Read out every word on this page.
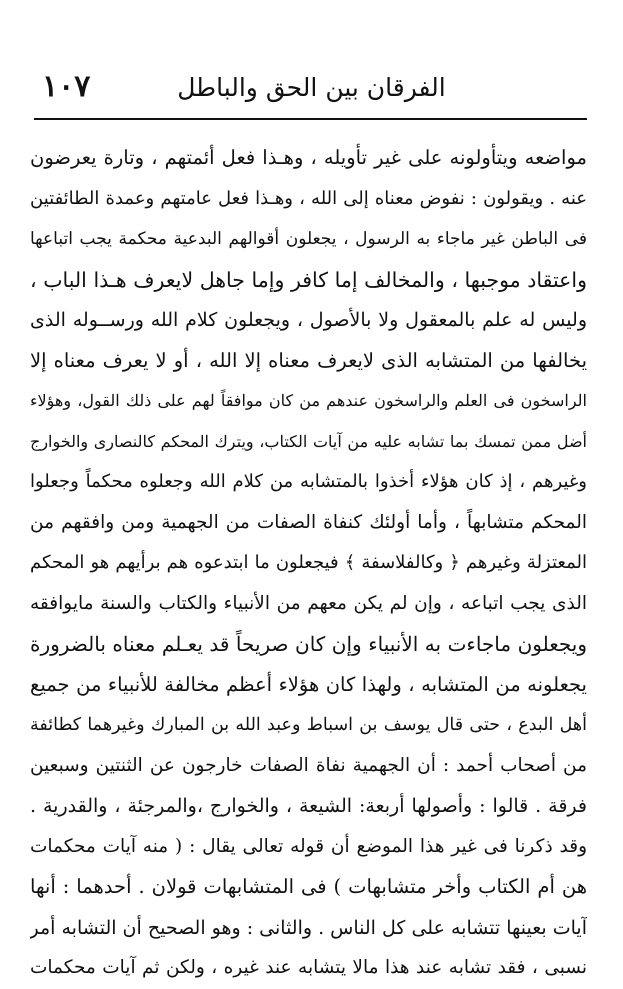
الفرقان بين الحق والباطل
١٠٧
مواضعه ويتأولونه على غير تأويله ، وهـذا فعل أئمتهم ، وتارة يعرضون
عنه . ويقولون : نفوض معناه إلى الله ، وهـذا فعل عامتهم وعمدة الطائفتين
فى الباطن غير ماجاء به الرسول ، يجعلون أقوالهم البدعية محكمة يجب اتباعها
واعتقاد موجبها ، والمخالف إما كافر وإما جاهل لايعرف هـذا الباب ،
وليس له علم بالمعقول ولا بالأصول ، ويجعلون كلام الله ورســوله الذى
يخالفها من المتشابه الذى لايعرف معناه إلا الله ، أو لا يعرف معناه إلا
الراسخون فى العلم والراسخون عندهم من كان موافقاً لهم على ذلك القول، وهؤلاء
أضل ممن تمسك بما تشابه عليه من آيات الكتاب، ويترك المحكم كالنصارى والخوارج
وغيرهم ، إذ كان هؤلاء أخذوا بالمتشابه من كلام الله وجعلوه محكماً وجعلوا
المحكم متشابهاً ، وأما أولئك كنفاة الصفات من الجهمية ومن وافقهم من
المعتزلة وغيرهم ﴿ وكالفلاسفة ﴾ فيجعلون ما ابتدعوه هم برأيهم هو المحكم
الذى يجب اتباعه ، وإن لم يكن معهم من الأنبياء والكتاب والسنة مايوافقه
ويجعلون ماجاءت به الأنبياء وإن كان صريحاً قد يعـلم معناه بالضرورة
يجعلونه من المتشابه ، ولهذا كان هؤلاء أعظم مخالفة للأنبياء من جميع
أهل البدع ، حتى قال يوسف بن اسباط وعبد الله بن المبارك وغيرهما كطائفة
من أصحاب أحمد : أن الجهمية نفاة الصفات خارجون عن الثنتين وسبعين
فرقة . قالوا : وأصولها أربعة: الشيعة ، والخوارج ،والمرجئة ، والقدرية .
وقد ذكرنا فى غير هذا الموضع أن قوله تعالى يقال : ( منه آيات محكمات
هن أم الكتاب وأخر متشابهات ) فى المتشابهات قولان . أحدهما : أنها
آيات بعينها تتشابه على كل الناس . والثانى : وهو الصحيح أن التشابه أمر
نسبى ، فقد تشابه عند هذا مالا يتشابه عند غيره ، ولكن ثم آيات محكمات
